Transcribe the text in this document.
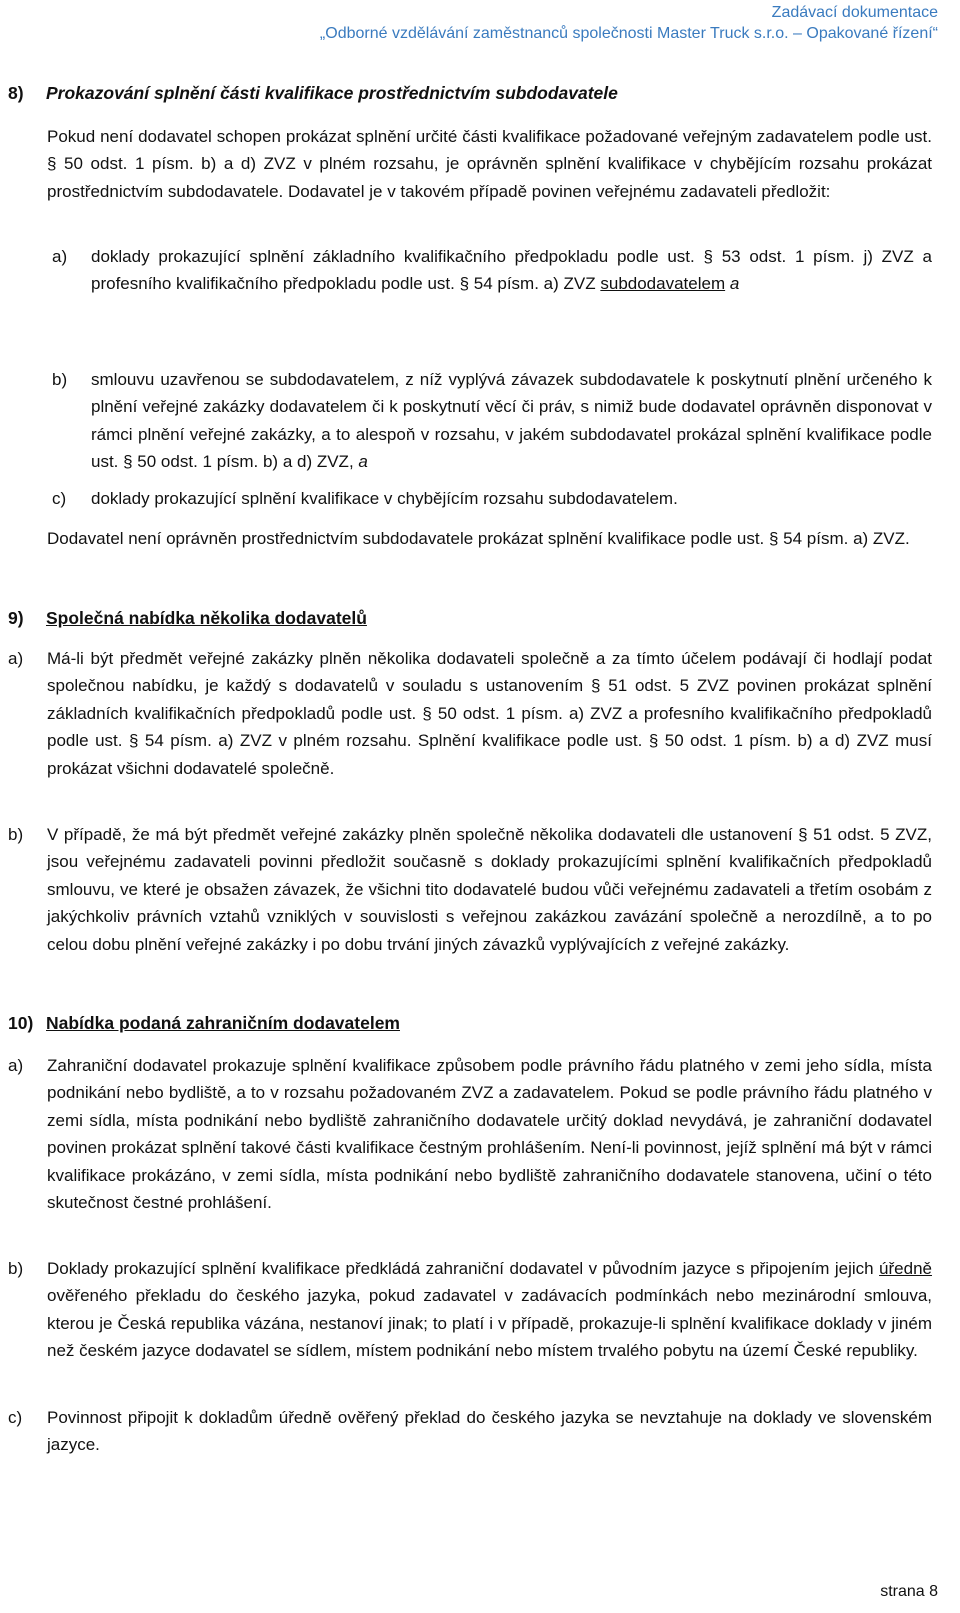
Zadávací dokumentace
„Odborné vzdělávání zaměstnanců společnosti Master Truck s.r.o. – Opakované řízení“
8) Prokazování splnění části kvalifikace prostřednictvím subdodavatele

Pokud není dodavatel schopen prokázat splnění určité části kvalifikace požadované veřejným zadavatelem podle ust. § 50 odst. 1 písm. b) a d) ZVZ v plném rozsahu, je oprávněn splnění kvalifikace v chybějícím rozsahu prokázat prostřednictvím subdodavatele. Dodavatel je v takovém případě povinen veřejnému zadavateli předložit:

a) doklady prokazující splnění základního kvalifikačního předpokladu podle ust. § 53 odst. 1 písm. j) ZVZ a profesního kvalifikačního předpokladu podle ust. § 54 písm. a) ZVZ subdodavatelem a
b) smlouvu uzavřenou se subdodavatelem, z níž vyplývá závazek subdodavatele k poskytnutí plnění určeného k plnění veřejné zakázky dodavatelem či k poskytnutí věcí či práv, s nimiž bude dodavatel oprávněn disponovat v rámci plnění veřejné zakázky, a to alespoň v rozsahu, v jakém subdodavatel prokázal splnění kvalifikace podle ust. § 50 odst. 1 písm. b) a d) ZVZ, a
c) doklady prokazující splnění kvalifikace v chybějícím rozsahu subdodavatelem.

Dodavatel není oprávněn prostřednictvím subdodavatele prokázat splnění kvalifikace podle ust. § 54 písm. a) ZVZ.

9) Společná nabídka několika dodavatelů
a) Má-li být předmět veřejné zakázky plněn několika dodavateli společně a za tímto účelem podávají či hodlají podat společnou nabídku, je každý s dodavatelů v souladu s ustanovením § 51 odst. 5 ZVZ povinen prokázat splnění základních kvalifikačních předpokladů podle ust. § 50 odst. 1 písm. a) ZVZ a profesního kvalifikačního předpokladů podle ust. § 54 písm. a) ZVZ v plném rozsahu. Splnění kvalifikace podle ust. § 50 odst. 1 písm. b) a d) ZVZ musí prokázat všichni dodavatelé společně.
b) V případě, že má být předmět veřejné zakázky plněn společně několika dodavateli dle ustanovení § 51 odst. 5 ZVZ, jsou veřejnému zadavateli povinni předložit současně s doklady prokazujícími splnění kvalifikačních předpokladů smlouvu, ve které je obsažen závazek, že všichni tito dodavatelé budou vůči veřejnému zadavateli a třetím osobám z jakýchkoliv právních vztahů vzniklých v souvislosti s veřejnou zakázkou zavázání společně a nerozdílně, a to po celou dobu plnění veřejné zakázky i po dobu trvání jiných závazků vyplývajících z veřejné zakázky.
10) Nabídka podaná zahraničním dodavatelem
a) Zahraniční dodavatel prokazuje splnění kvalifikace způsobem podle právního řádu platného v zemi jeho sídla, místa podnikání nebo bydliště, a to v rozsahu požadovaném ZVZ a zadavatelem. Pokud se podle právního řádu platného v zemi sídla, místa podnikání nebo bydliště zahraničního dodavatele určitý doklad nevydává, je zahraniční dodavatel povinen prokázat splnění takové části kvalifikace čestným prohlášením. Není-li povinnost, jejíž splnění má být v rámci kvalifikace prokázáno, v zemi sídla, místa podnikání nebo bydliště zahraničního dodavatele stanovena, učiní o této skutečnost čestné prohlášení.
b) Doklady prokazující splnění kvalifikace předkládá zahraniční dodavatel v původním jazyce s připojením jejich úředně ověřeného překladu do českého jazyka, pokud zadavatel v zadávacích podmínkách nebo mezinárodní smlouva, kterou je Česká republika vázána, nestanoví jinak; to platí i v případě, prokazuje-li splnění kvalifikace doklady v jiném než českém jazyce dodavatel se sídlem, místem podnikání nebo místem trvalého pobytu na území České republiky.
c) Povinnost připojit k dokladům úředně ověřený překlad do českého jazyka se nevztahuje na doklady ve slovenském jazyce.
strana 8
